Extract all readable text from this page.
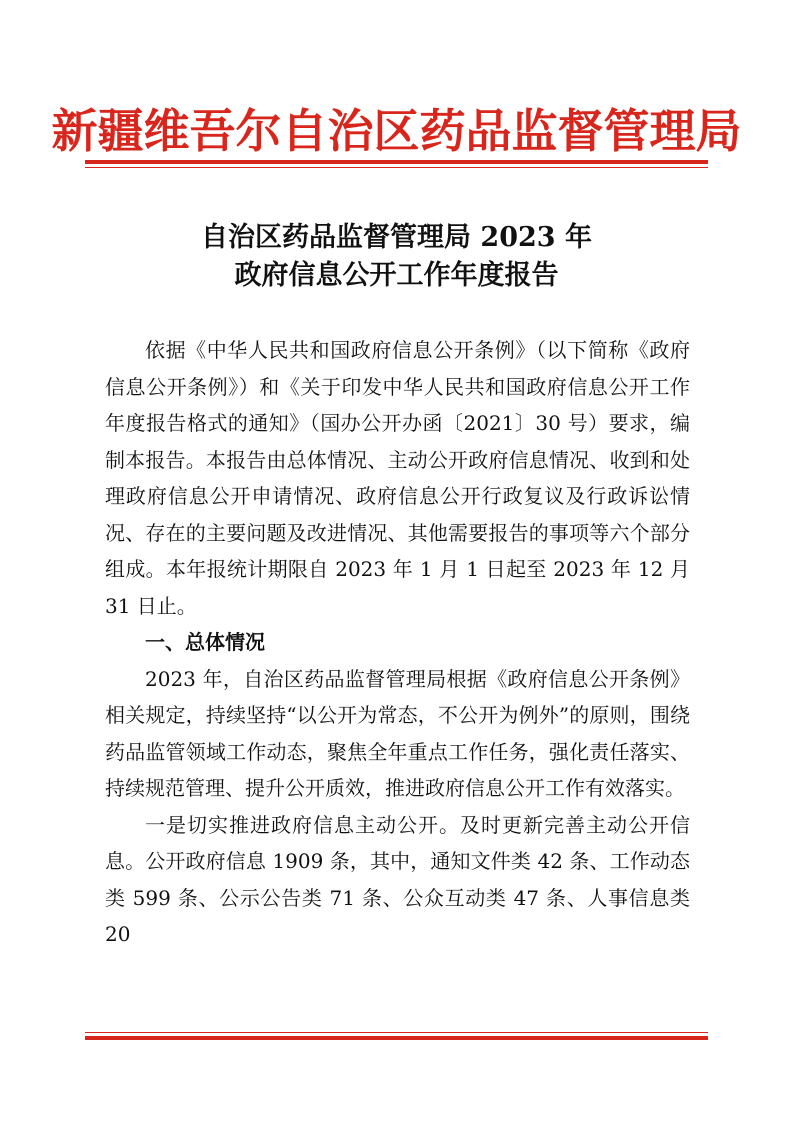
新疆维吾尔自治区药品监督管理局
自治区药品监督管理局 2023 年
政府信息公开工作年度报告

依据《中华人民共和国政府信息公开条例》（以下简称《政府信息公开条例》）和《关于印发中华人民共和国政府信息公开工作年度报告格式的通知》（国办公开办函〔2021〕30 号）要求，编制本报告。本报告由总体情况、主动公开政府信息情况、收到和处理政府信息公开申请情况、政府信息公开行政复议及行政诉讼情况、存在的主要问题及改进情况、其他需要报告的事项等六个部分组成。本年报统计期限自 2023 年 1 月 1 日起至 2023 年 12 月 31 日止。

一、总体情况

2023 年，自治区药品监督管理局根据《政府信息公开条例》相关规定，持续坚持“以公开为常态，不公开为例外”的原则，围绕药品监管领域工作动态，聚焦全年重点工作任务，强化责任落实、持续规范管理、提升公开质效，推进政府信息公开工作有效落实。

一是切实推进政府信息主动公开。及时更新完善主动公开信息。公开政府信息 1909 条，其中，通知文件类 42 条、工作动态类 599 条、公示公告类 71 条、公众互动类 47 条、人事信息类 20
